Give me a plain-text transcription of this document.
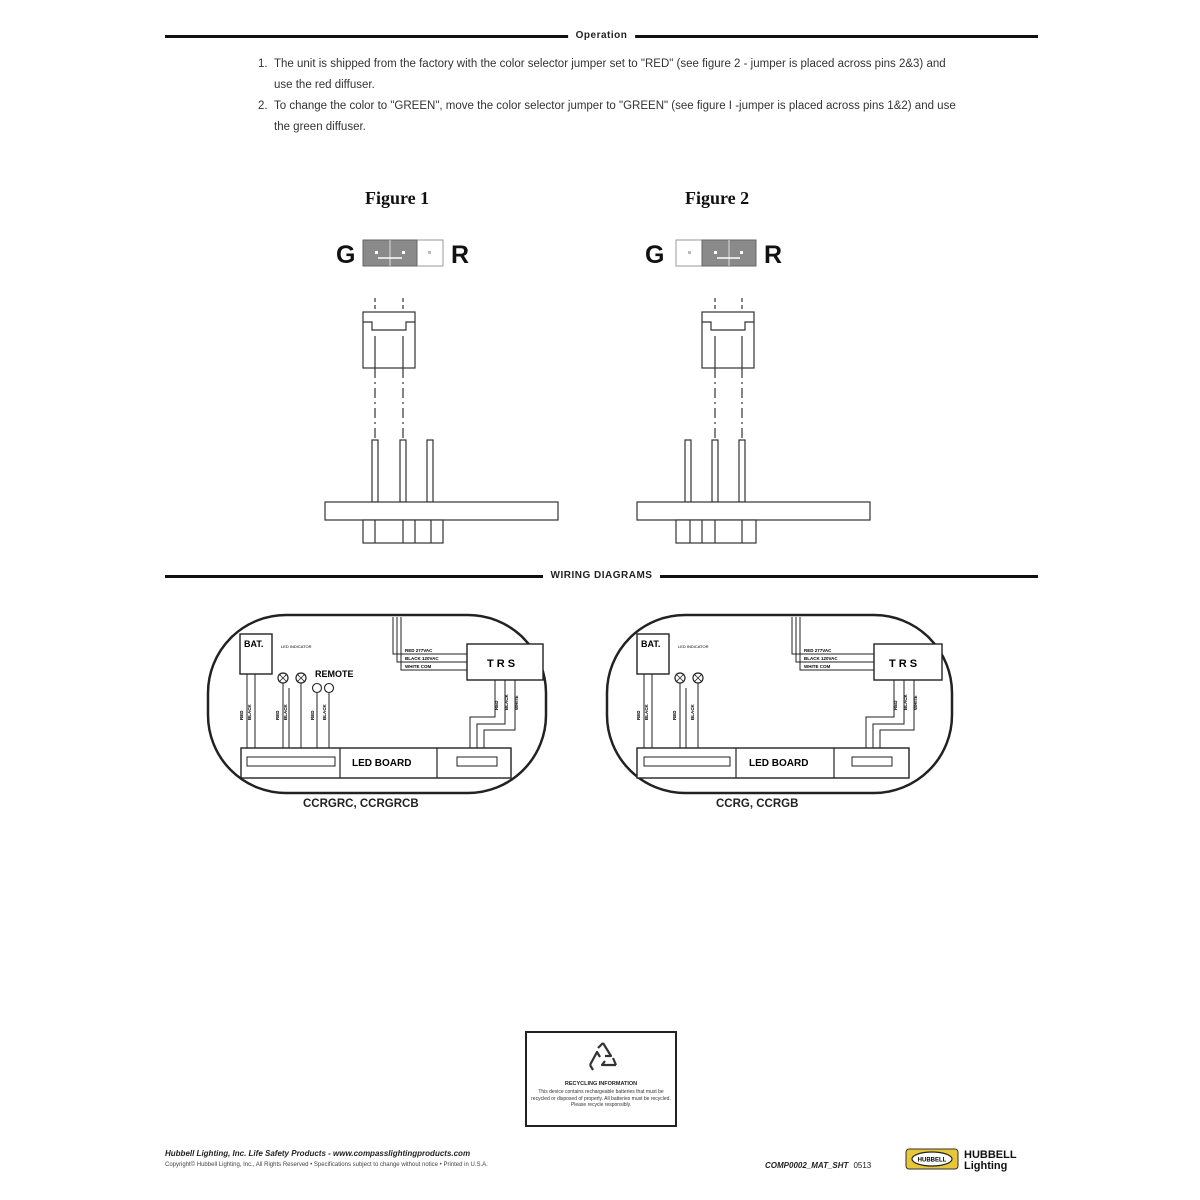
Operation
1. The unit is shipped from the factory with the color selector jumper set to "RED" (see figure 2 - jumper is placed across pins 2&3) and use the red diffuser.
2. To change the color to "GREEN", move the color selector jumper to "GREEN" (see figure I -jumper is placed across pins 1&2) and use the green diffuser.
Figure 1	Figure 2
G	R	G	R
WIRING DIAGRAMS
BAT.	LED INDICATOR
REMOTE
RED BLACK	RED BLACK	RED BLACK
T R S
RED 277VAC
BLACK 120VAC
WHITE COM
RED BLACK WHITE
LED BOARD
CCRGRC, CCRGRCB
BAT.	LED INDICATOR
RED BLACK	RED	BLACK
T R S
RED 277VAC
BLACK 120VAC
WHITE COM
RED BLACK WHITE
LED BOARD
CCRG, CCRGB
RECYCLING INFORMATION
This device contains rechargeable batteries that must be recycled or disposed of properly. All batteries must be recycled. Please recycle responsibly.
Hubbell Lighting, Inc. Life Safety Products - www.compasslightingproducts.com
Copyright© Hubbell Lighting, Inc., All Rights Reserved • Specifications subject to change without notice • Printed in U.S.A.	COMP0002_MAT_SHT 0513
HUBBELL HUBBELL
Lighting
